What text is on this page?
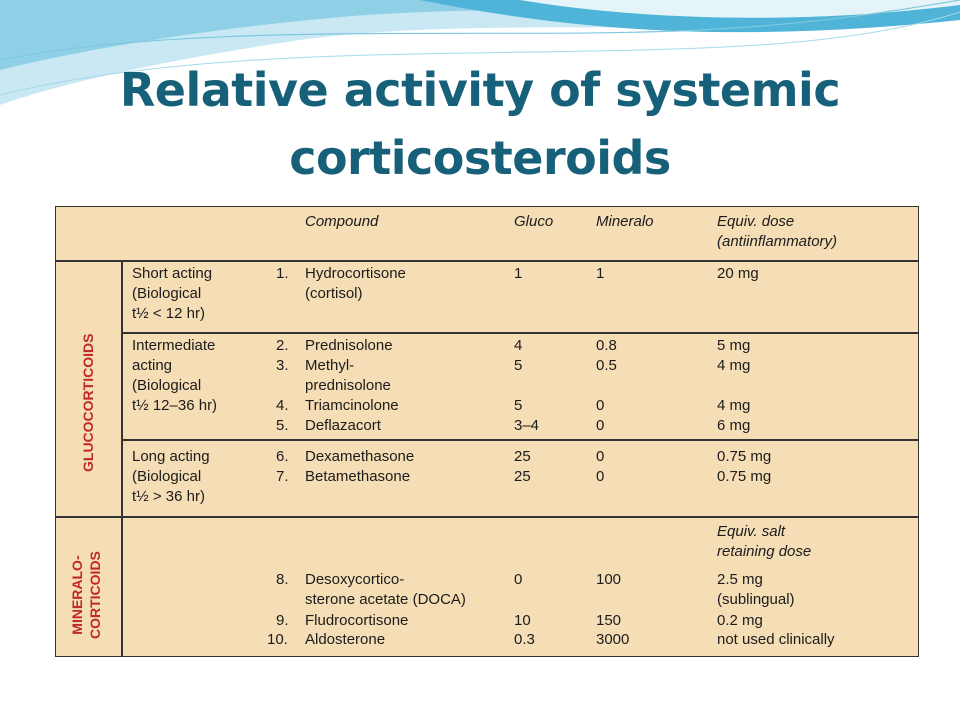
Relative activity of systemic
corticosteroids
Compound	Gluco	Mineralo	Equiv. dose
(antiinflammatory)
GLUCOCORTICOIDS
MINERALO- CORTICOIDS
Short acting
(Biological
t½ < 12 hr)
Intermediate
acting
(Biological
t½ 12–36 hr)
Long acting
(Biological
t½ > 36 hr)
Equiv. salt
retaining dose
1. Hydrocortisone
(cortisol)
1	1	20 mg
2. Prednisolone	4	0.8	5 mg
3. Methyl-
prednisolone
5	0.5	4 mg
4. Triamcinolone	5	0	4 mg
5. Deflazacort	3–4	0	6 mg
6. Dexamethasone	25	0	0.75 mg
7. Betamethasone	25	0	0.75 mg
8. Desoxycortico-
sterone acetate (DOCA)
0	100	2.5 mg
(sublingual)
9. Fludrocortisone	10	150	0.2 mg
10. Aldosterone	0.3	3000	not used clinically
